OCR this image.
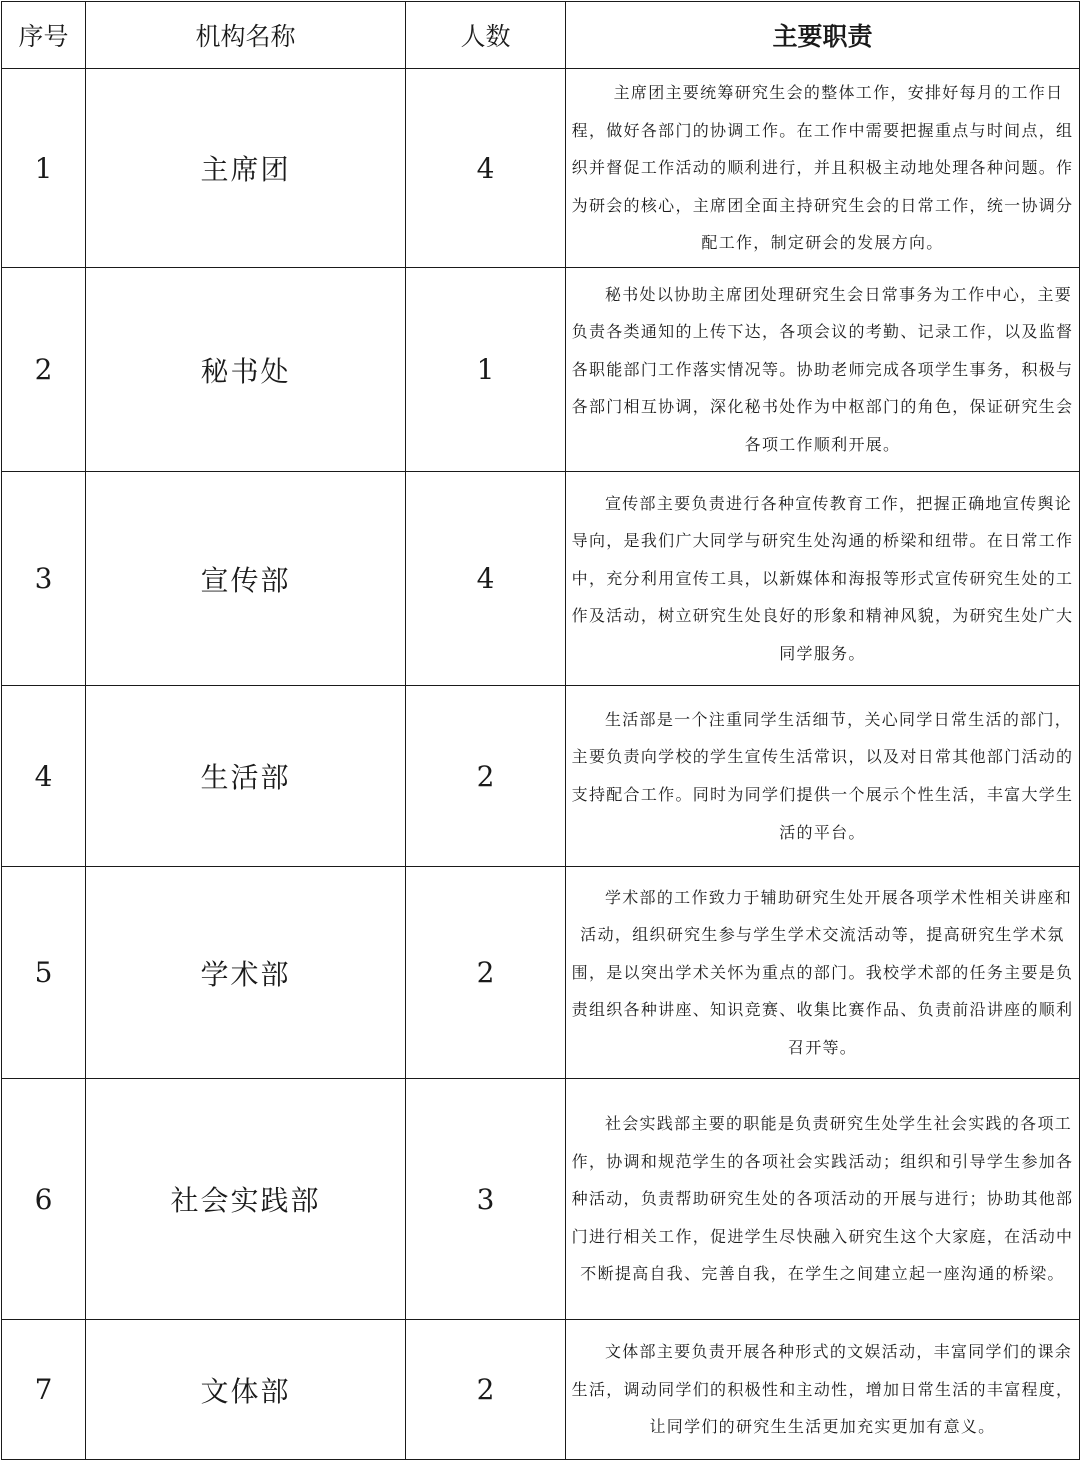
序号	机构名称	人数	主要职责
1	主席团	4	主席团主要统筹研究生会的整体工作，安排好每月的工作日程，做好各部门的协调工作。在工作中需要把握重点与时间点，组织并督促工作活动的顺利进行，并且积极主动地处理各种问题。作为研会的核心，主席团全面主持研究生会的日常工作，统一协调分配工作，制定研会的发展方向。

2	秘书处	1	秘书处以协助主席团处理研究生会日常事务为工作中心，主要负责各类通知的上传下达，各项会议的考勤、记录工作，以及监督各职能部门工作落实情况等。协助老师完成各项学生事务，积极与各部门相互协调，深化秘书处作为中枢部门的角色，保证研究生会各项工作顺利开展。

3	宣传部	4	宣传部主要负责进行各种宣传教育工作，把握正确地宣传舆论导向，是我们广大同学与研究生处沟通的桥梁和纽带。在日常工作中，充分利用宣传工具，以新媒体和海报等形式宣传研究生处的工作及活动，树立研究生处良好的形象和精神风貌，为研究生处广大同学服务。

4	生活部	2	生活部是一个注重同学生活细节，关心同学日常生活的部门，主要负责向学校的学生宣传生活常识，以及对日常其他部门活动的支持配合工作。同时为同学们提供一个展示个性生活，丰富大学生活的平台。

5	学术部	2	学术部的工作致力于辅助研究生处开展各项学术性相关讲座和活动，组织研究生参与学生学术交流活动等，提高研究生学术氛围，是以突出学术关怀为重点的部门。我校学术部的任务主要是负责组织各种讲座、知识竞赛、收集比赛作品、负责前沿讲座的顺利召开等。

6	社会实践部	3	社会实践部主要的职能是负责研究生处学生社会实践的各项工作，协调和规范学生的各项社会实践活动；组织和引导学生参加各种活动，负责帮助研究生处的各项活动的开展与进行；协助其他部门进行相关工作，促进学生尽快融入研究生这个大家庭，在活动中不断提高自我、完善自我，在学生之间建立起一座沟通的桥梁。

7	文体部	2	文体部主要负责开展各种形式的文娱活动，丰富同学们的课余生活，调动同学们的积极性和主动性，增加日常生活的丰富程度，让同学们的研究生生活更加充实更加有意义。
